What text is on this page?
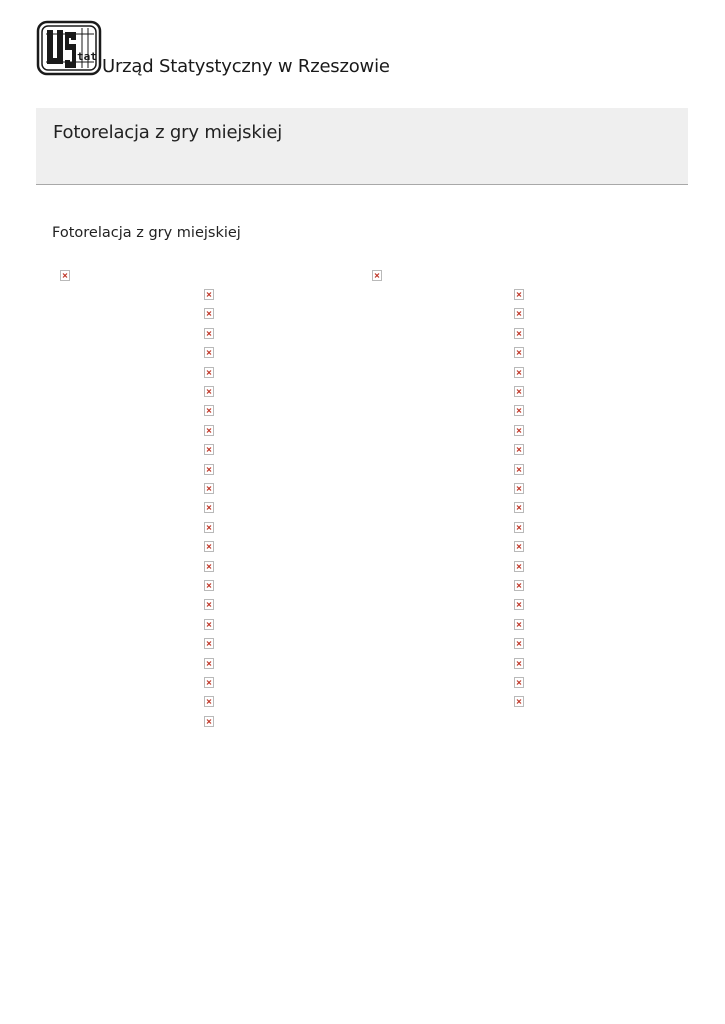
tat Urząd Statystyczny w Rzeszowie
Fotorelacja z gry miejskiej
Fotorelacja z gry miejskiej
